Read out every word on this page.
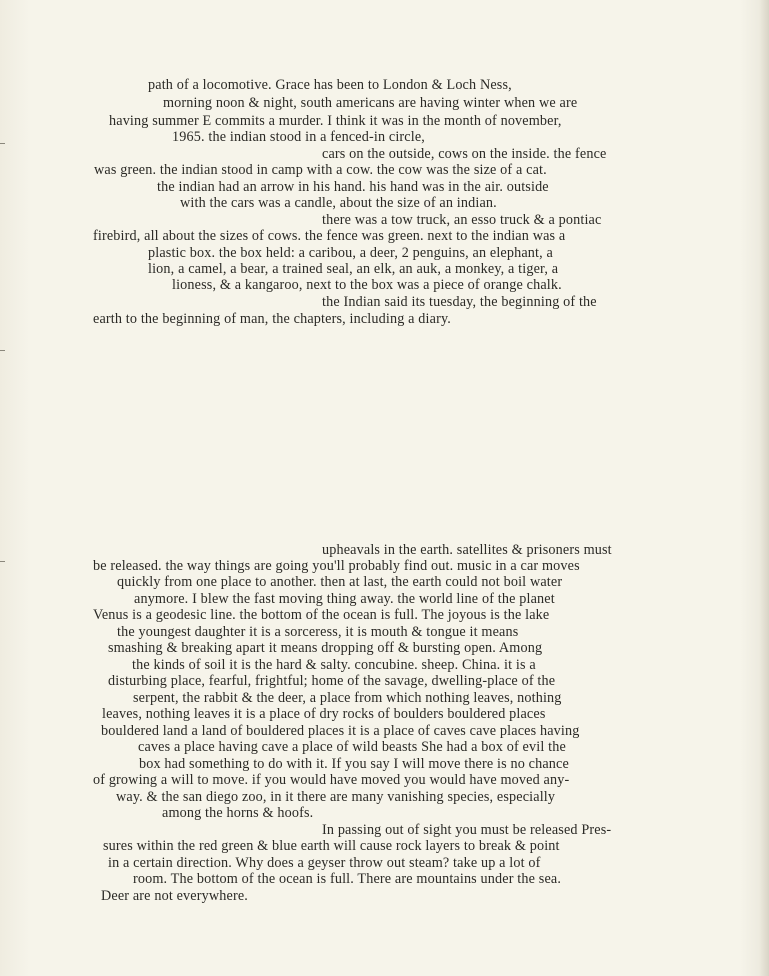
path of a locomotive. Grace has been to London & Loch Ness,
morning noon & night, south americans are having winter when we are
having summer E commits a murder. I think it was in the month of november,
1965. the indian stood in a fenced-in circle,
cars on the outside, cows on the inside. the fence
was green. the indian stood in camp with a cow. the cow was the size of a cat.
the indian had an arrow in his hand. his hand was in the air. outside
with the cars was a candle, about the size of an indian.
there was a tow truck, an esso truck & a pontiac
firebird, all about the sizes of cows. the fence was green. next to the indian was a
plastic box. the box held: a caribou, a deer, 2 penguins, an elephant, a
lion, a camel, a bear, a trained seal, an elk, an auk, a monkey, a tiger, a
lioness, & a kangaroo, next to the box was a piece of orange chalk.
the Indian said its tuesday, the beginning of the
earth to the beginning of man, the chapters, including a diary.
upheavals in the earth. satellites & prisoners must
be released. the way things are going you'll probably find out. music in a car moves
quickly from one place to another. then at last, the earth could not boil water
anymore. I blew the fast moving thing away. the world line of the planet
Venus is a geodesic line. the bottom of the ocean is full. The joyous is the lake
the youngest daughter it is a sorceress, it is mouth & tongue it means
smashing & breaking apart it means dropping off & bursting open. Among
the kinds of soil it is the hard & salty. concubine. sheep. China. it is a
disturbing place, fearful, frightful; home of the savage, dwelling-place of the
serpent, the rabbit & the deer, a place from which nothing leaves, nothing
leaves, nothing leaves it is a place of dry rocks of boulders bouldered places
bouldered land a land of bouldered places it is a place of caves cave places having
caves a place having cave a place of wild beasts She had a box of evil the
box had something to do with it. If you say I will move there is no chance
of growing a will to move. if you would have moved you would have moved any-
way. & the san diego zoo, in it there are many vanishing species, especially
among the horns & hoofs.
In passing out of sight you must be released Pres-
sures within the red green & blue earth will cause rock layers to break & point
in a certain direction. Why does a geyser throw out steam? take up a lot of
room. The bottom of the ocean is full. There are mountains under the sea.
Deer are not everywhere.
